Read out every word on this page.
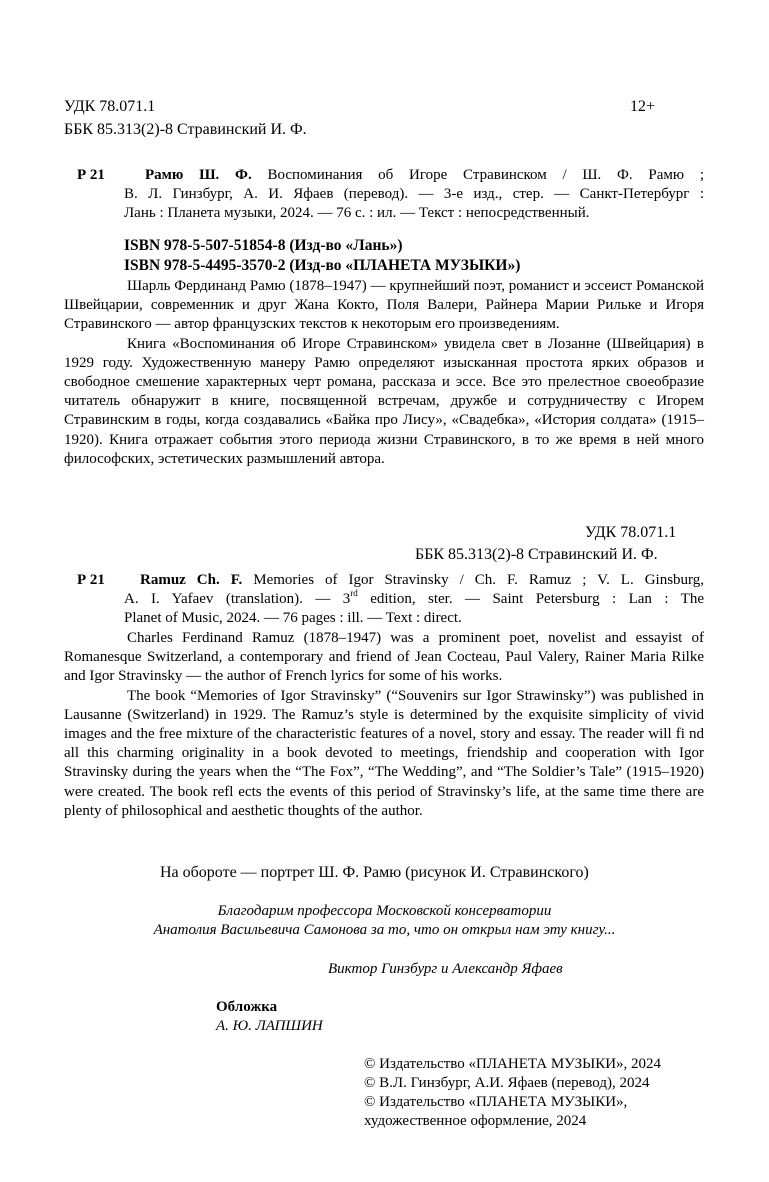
УДК 78.071.1	12+
ББК 85.313(2)-8 Стравинский И. Ф.
Р 21	Рамю Ш. Ф. Воспоминания об Игоре Стравинском / Ш. Ф. Рамю ;
В. Л. Гинзбург, А. И. Яфаев (перевод). — 3-е изд., стер. — Санкт-Петербург :
Лань : Планета музыки, 2024. — 76 с. : ил. — Текст : непосредственный.
ISBN 978-5-507-51854-8 (Изд-во «Лань»)
ISBN 978-5-4495-3570-2 (Изд-во «ПЛАНЕТА МУЗЫКИ»)

Шарль Фердинанд Рамю (1878–1947) — крупнейший поэт, романист и эссеист Романской Швейцарии, современник и друг Жана Кокто, Поля Валери, Райнера Марии Рильке и Игоря Стравинского — автор французских текстов к некоторым его произведениям.

Книга «Воспоминания об Игоре Стравинском» увидела свет в Лозанне (Швейцария) в 1929 году. Художественную манеру Рамю определяют изысканная простота ярких образов и свободное смешение характерных черт романа, рассказа и эссе. Все это прелестное своеобразие читатель обнаружит в книге, посвященной встречам, дружбе и сотрудничеству с Игорем Стравинским в годы, когда создавались «Байка про Лису», «Свадебка», «История солдата» (1915–1920). Книга отражает события этого периода жизни Стравинского, в то же время в ней много философских, эстетических размышлений автора.

УДК 78.071.1
ББК 85.313(2)-8 Стравинский И. Ф.
Р 21	Ramuz Ch. F. Memories of Igor Stravinsky / Ch. F. Ramuz ; V. L. Ginsburg,
A. I. Yafaev (translation). — 3rd edition, ster. — Saint Petersburg : Lan : The
Planet of Music, 2024. — 76 pages : ill. — Text : direct.

Charles Ferdinand Ramuz (1878–1947) was a prominent poet, novelist and essayist of Romanesque Switzerland, a contemporary and friend of Jean Cocteau, Paul Valery, Rainer Maria Rilke and Igor Stravinsky — the author of French lyrics for some of his works.

The book “Memories of Igor Stravinsky” (“Souvenirs sur Igor Strawinsky”) was published in Lausanne (Switzerland) in 1929. The Ramuz’s style is determined by the exquisite simplicity of vivid images and the free mixture of the characteristic features of a novel, story and essay. The reader will fi nd all this charming originality in a book devoted to meetings, friendship and cooperation with Igor Stravinsky during the years when the “The Fox”, “The Wedding”, and “The Soldier’s Tale” (1915–1920) were created. The book refl ects the events of this period of Stravinsky’s life, at the same time there are plenty of philosophical and aesthetic thoughts of the author.

На обороте — портрет Ш. Ф. Рамю (рисунок И. Стравинского)
Благодарим профессора Московской консерватории
Анатолия Васильевича Самонова за то, что он открыл нам эту книгу...
Виктор Гинзбург и Александр Яфаев
Обложка
А. Ю. ЛАПШИН
© Издательство «ПЛАНЕТА МУЗЫКИ», 2024
© В.Л. Гинзбург, А.И. Яфаев (перевод), 2024
© Издательство «ПЛАНЕТА МУЗЫКИ»,
художественное оформление, 2024
